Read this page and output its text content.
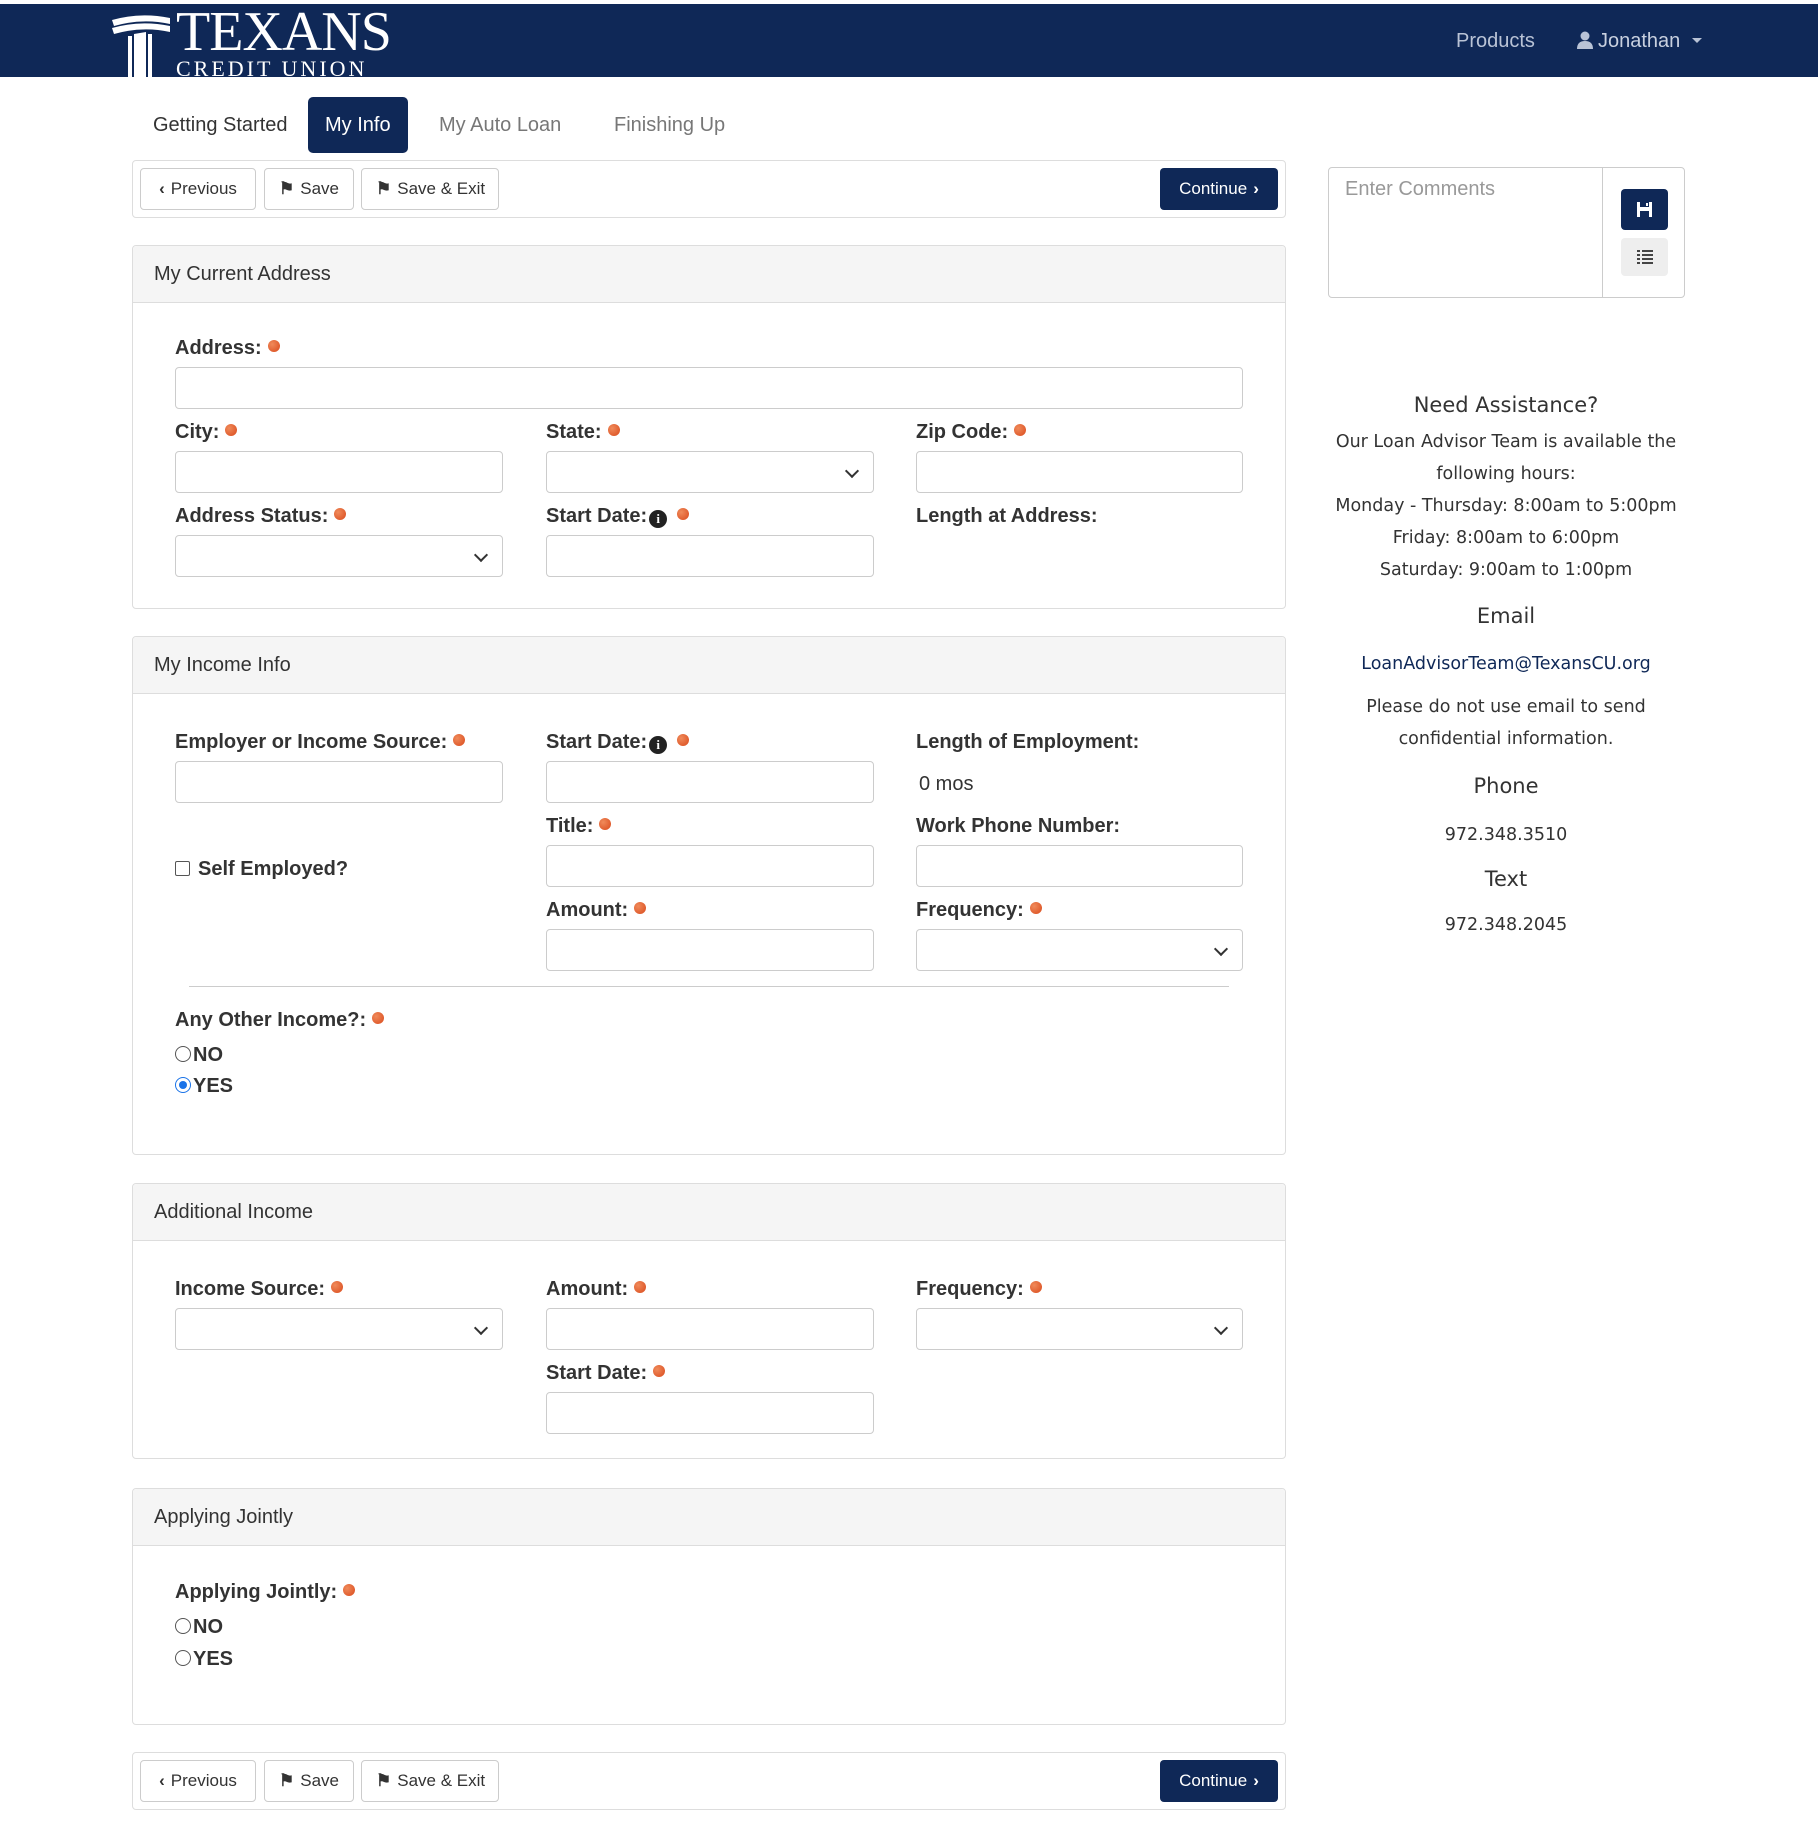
TEXANS
CREDIT UNION
Products	Jonathan
Getting Started	My Info	My Auto Loan	Finishing Up
‹ Previous	⚑ Save	⚑ Save & Exit	Continue ›
My Current Address
Address:
City:	State:	Zip Code:
Address Status:	Start Date: i	Length at Address:
My Income Info
Employer or Income Source:	Start Date: i	Length of Employment:
0 mos
Self Employed?
Title:	Work Phone Number:
Amount:	Frequency:
Any Other Income?:
NO
YES
Additional Income
Income Source:	Amount:	Frequency:
Start Date:
Applying Jointly
Applying Jointly:
NO
YES
‹ Previous	⚑ Save	⚑ Save & Exit	Continue ›
Enter Comments
Need Assistance?
Our Loan Advisor Team is available the
following hours:
Monday - Thursday: 8:00am to 5:00pm
Friday: 8:00am to 6:00pm
Saturday: 9:00am to 1:00pm
Email
LoanAdvisorTeam@TexansCU.org
Please do not use email to send
confidential information.
Phone
972.348.3510
Text
972.348.2045
